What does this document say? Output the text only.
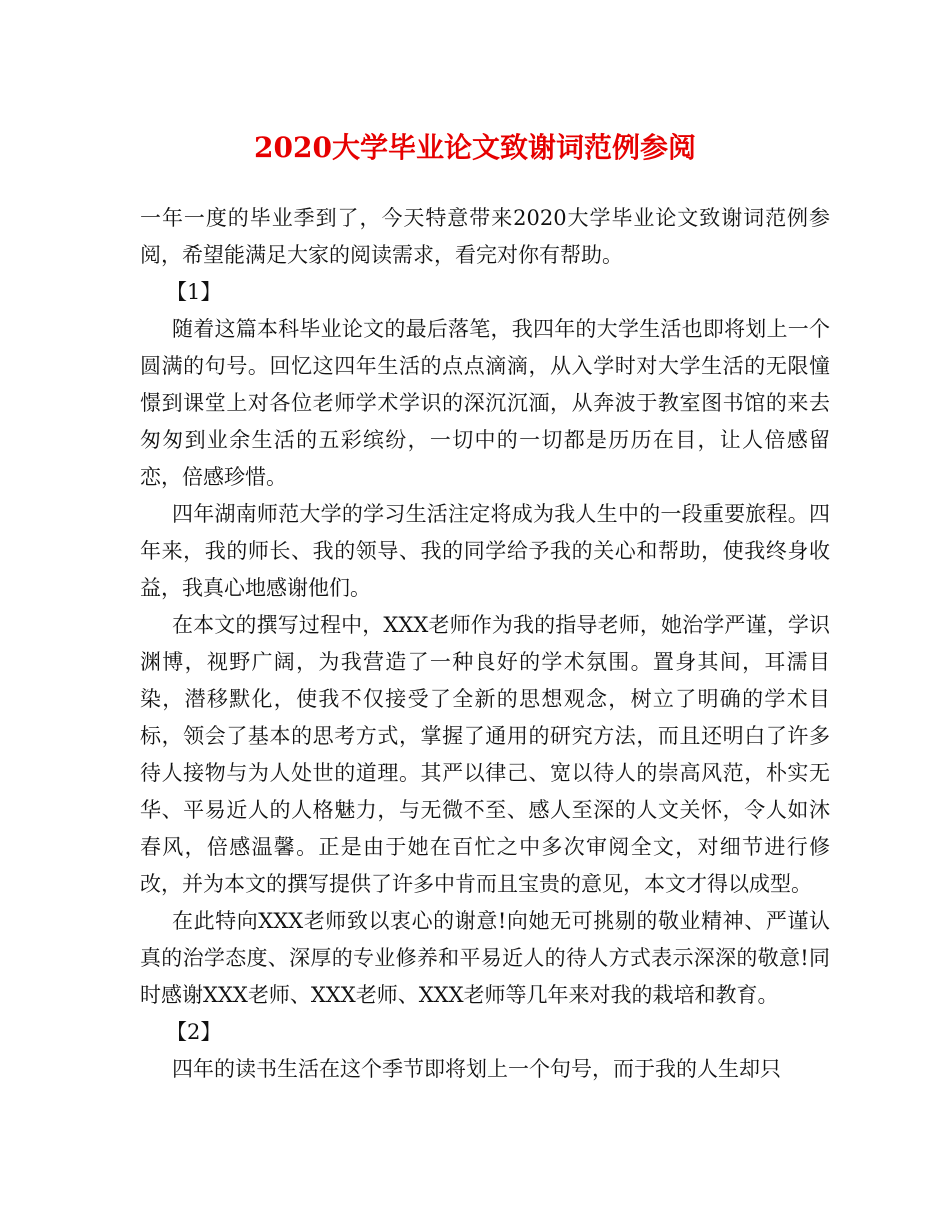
2020大学毕业论文致谢词范例参阅

一年一度的毕业季到了，今天特意带来2020大学毕业论文致谢词范例参阅，希望能满足大家的阅读需求，看完对你有帮助。

【1】

随着这篇本科毕业论文的最后落笔，我四年的大学生活也即将划上一个圆满的句号。回忆这四年生活的点点滴滴，从入学时对大学生活的无限憧憬到课堂上对各位老师学术学识的深沉沉湎，从奔波于教室图书馆的来去匆匆到业余生活的五彩缤纷，一切中的一切都是历历在目，让人倍感留恋，倍感珍惜。

四年湖南师范大学的学习生活注定将成为我人生中的一段重要旅程。四年来，我的师长、我的领导、我的同学给予我的关心和帮助，使我终身收益，我真心地感谢他们。

在本文的撰写过程中，XXX老师作为我的指导老师，她治学严谨，学识渊博，视野广阔，为我营造了一种良好的学术氛围。置身其间，耳濡目染，潜移默化，使我不仅接受了全新的思想观念，树立了明确的学术目标，领会了基本的思考方式，掌握了通用的研究方法，而且还明白了许多待人接物与为人处世的道理。其严以律己、宽以待人的崇高风范，朴实无华、平易近人的人格魅力，与无微不至、感人至深的人文关怀，令人如沐春风，倍感温馨。正是由于她在百忙之中多次审阅全文，对细节进行修改，并为本文的撰写提供了许多中肯而且宝贵的意见，本文才得以成型。

在此特向XXX老师致以衷心的谢意!向她无可挑剔的敬业精神、严谨认真的治学态度、深厚的专业修养和平易近人的待人方式表示深深的敬意!同时感谢XXX老师、XXX老师、XXX老师等几年来对我的栽培和教育。

【2】

四年的读书生活在这个季节即将划上一个句号，而于我的人生却只
